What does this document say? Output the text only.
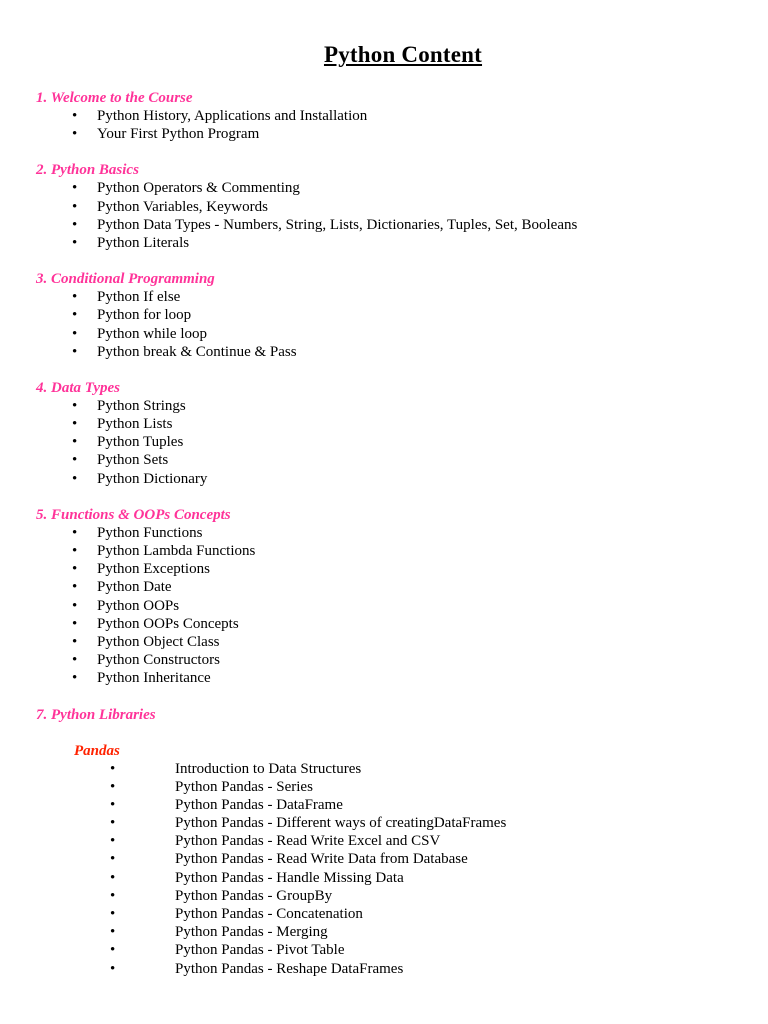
Python Content
1. Welcome to the Course
• Python History, Applications and Installation
• Your First Python Program
2. Python Basics
• Python Operators & Commenting
• Python Variables, Keywords
• Python Data Types - Numbers, String, Lists, Dictionaries, Tuples, Set, Booleans
• Python Literals
3. Conditional Programming
• Python If else
• Python for loop
• Python while loop
• Python break & Continue & Pass
4. Data Types
• Python Strings
• Python Lists
• Python Tuples
• Python Sets
• Python Dictionary
5. Functions & OOPs Concepts
• Python Functions
• Python Lambda Functions
• Python Exceptions
• Python Date
• Python OOPs
• Python OOPs Concepts
• Python Object Class
• Python Constructors
• Python Inheritance
7. Python Libraries
Pandas
•	Introduction to Data Structures
•	Python Pandas - Series
•	Python Pandas - DataFrame
•	Python Pandas - Different ways of creatingDataFrames
•	Python Pandas - Read Write Excel and CSV
•	Python Pandas - Read Write Data from Database
•	Python Pandas - Handle Missing Data
•	Python Pandas - GroupBy
•	Python Pandas - Concatenation
•	Python Pandas - Merging
•	Python Pandas - Pivot Table
•	Python Pandas - Reshape DataFrames
